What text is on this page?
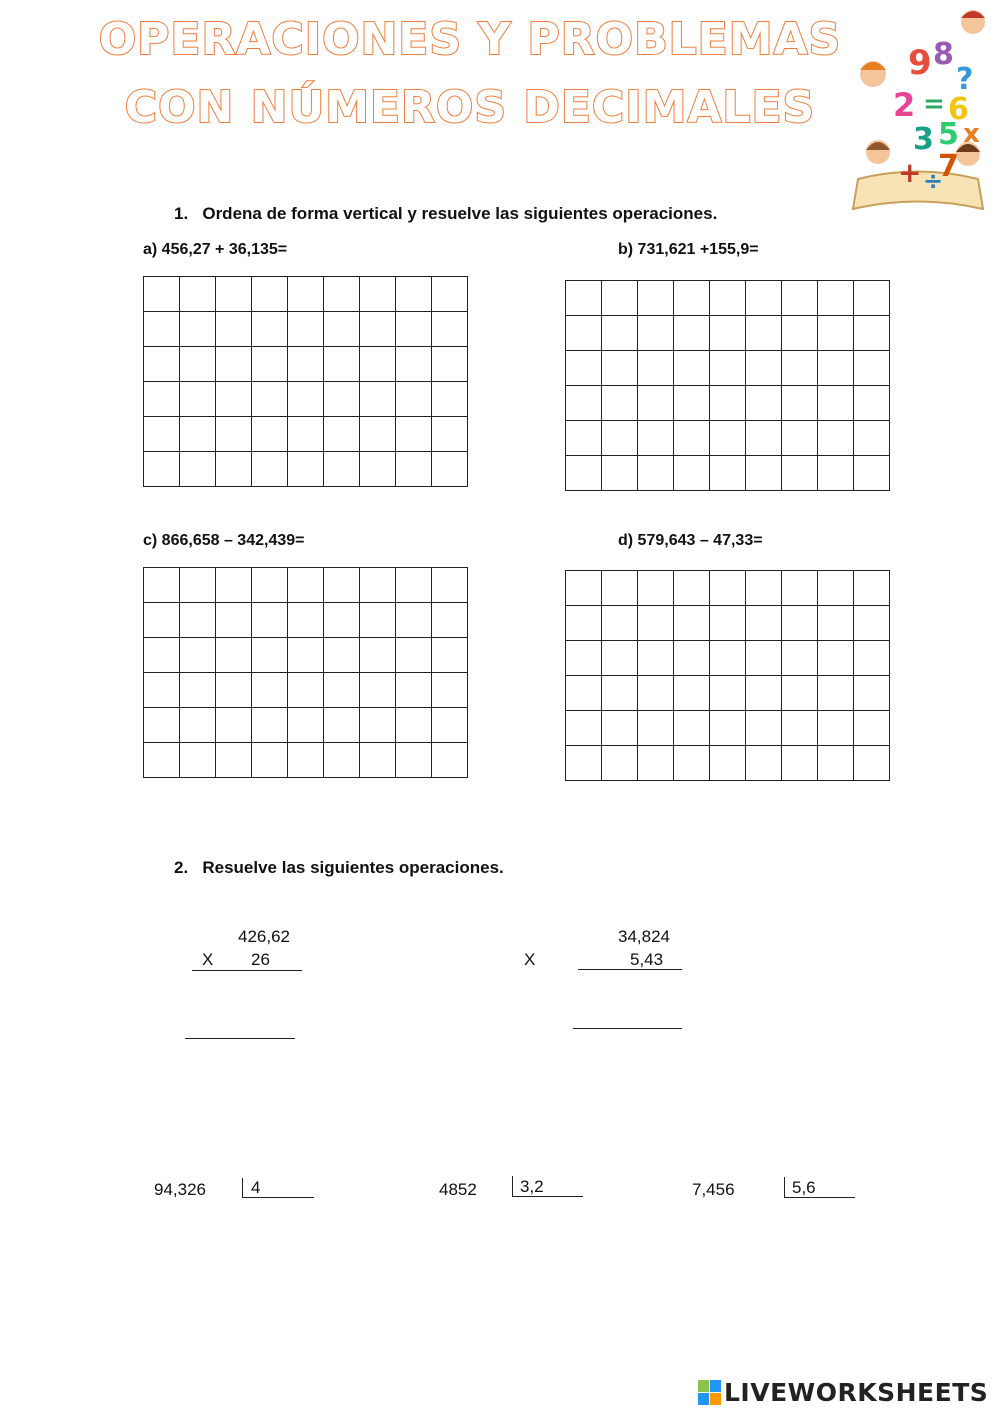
OPERACIONES Y PROBLEMAS
CON NÚMEROS DECIMALES
9 8
?
2 = 6
3 5 x
+ 7
÷
1.   Ordena de forma vertical y resuelve las siguientes operaciones.
a) 456,27 + 36,135=	b) 731,621 +155,9=

c) 866,658 – 342,439=	d) 579,643 – 47,33=

2.   Resuelve las siguientes operaciones.
426,62
X 26
34,824
X	5,43
94,326	4	4852	3,2	7,456	5,6
LIVEWORKSHEETS
